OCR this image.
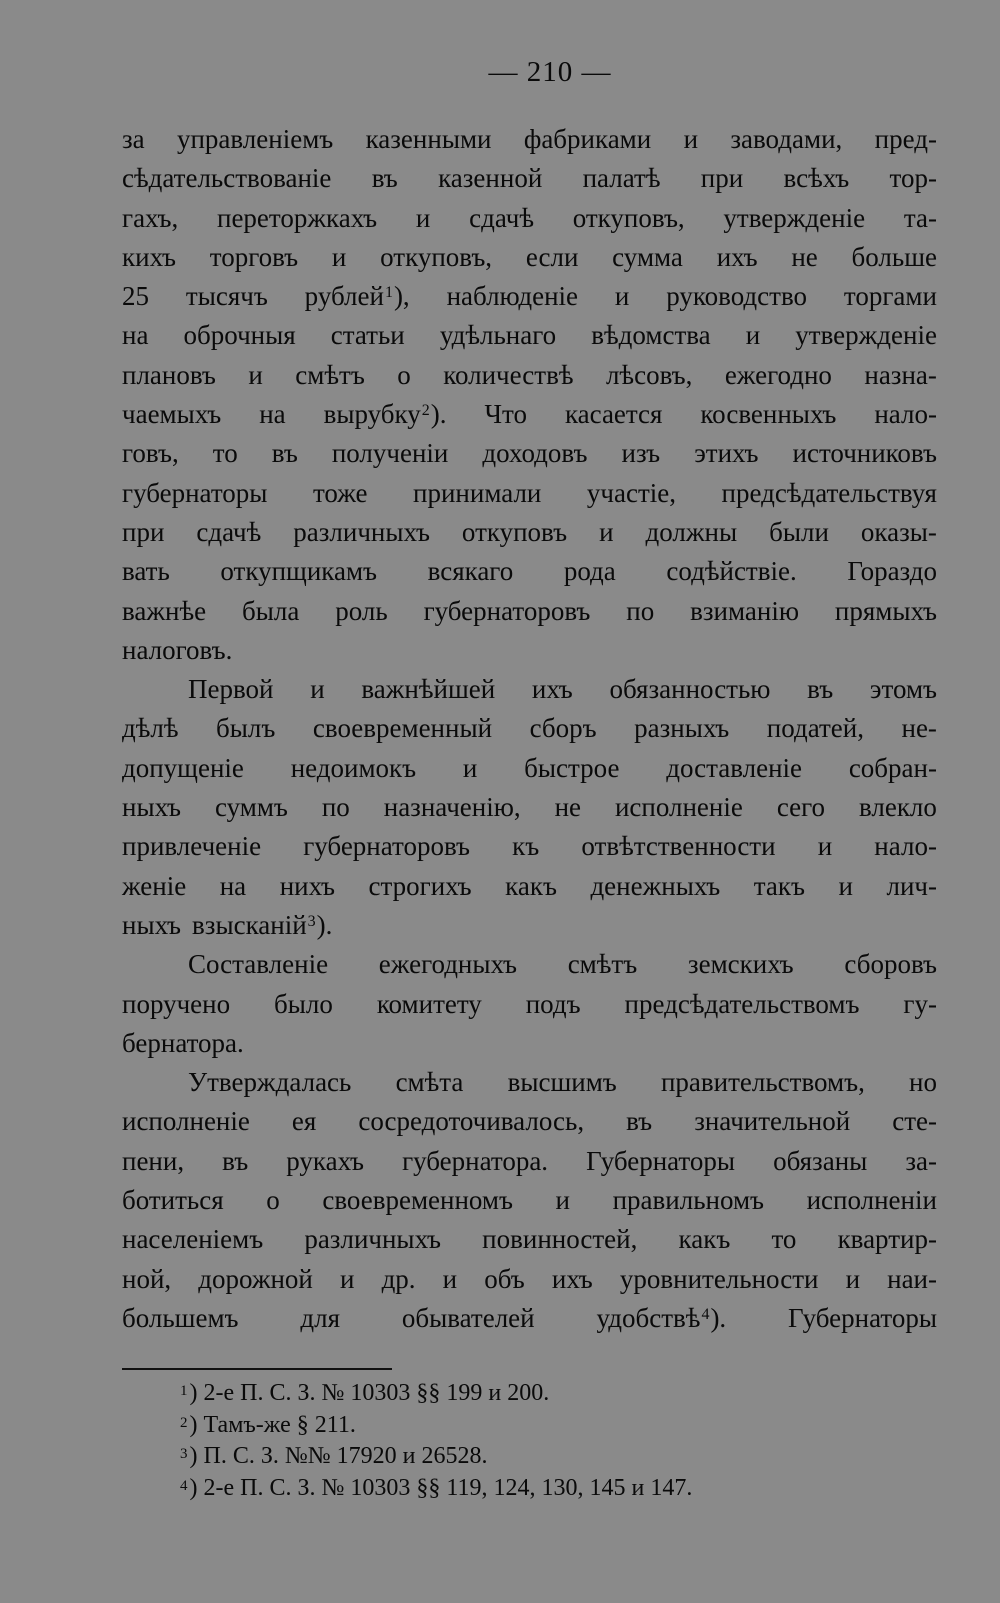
— 210 —
за управленіемъ казенными фабриками и заводами, пред-
сѣдательствованіе въ казенной палатѣ при всѣхъ тор-
гахъ, переторжкахъ и сдачѣ откуповъ, утвержденіе та-
кихъ торговъ и откуповъ, если сумма ихъ не больше
25 тысячъ рублей$^1$), наблюденіе и руководство торгами
на оброчныя статьи удѣльнаго вѣдомства и утвержденіе
плановъ и смѣтъ о количествѣ лѣсовъ, ежегодно назна-
чаемыхъ на вырубку$^2$). Что касается косвенныхъ нало-
говъ, то въ полученіи доходовъ изъ этихъ источниковъ
губернаторы тоже принимали участіе, предсѣдательствуя
при сдачѣ различныхъ откуповъ и должны были оказы-
вать откупщикамъ всякаго рода содѣйствіе. Гораздо
важнѣе была роль губернаторовъ по взиманію прямыхъ
налоговъ.
Первой и важнѣйшей ихъ обязанностью въ этомъ
дѣлѣ былъ своевременный сборъ разныхъ податей, не-
допущеніе недоимокъ и быстрое доставленіе собран-
ныхъ суммъ по назначенію, не исполненіе сего влекло
привлеченіе губернаторовъ къ отвѣтственности и нало-
женіе на нихъ строгихъ какъ денежныхъ такъ и лич-
ныхъ взысканій$^3$).
Составленіе ежегодныхъ смѣтъ земскихъ сборовъ
поручено было комитету подъ предсѣдательствомъ гу-
бернатора.
Утверждалась смѣта высшимъ правительствомъ, но
исполненіе ея сосредоточивалось, въ значительной сте-
пени, въ рукахъ губернатора. Губернаторы обязаны за-
ботиться о своевременномъ и правильномъ исполненіи
населеніемъ различныхъ повинностей, какъ то квартир-
ной, дорожной и др. и объ ихъ уровнительности и наи-
большемъ для обывателей удобствѣ$^4$). Губернаторы
$^1$) 2-е П. С. З. № 10303 §§ 199 и 200.
$^2$) Тамъ-же § 211.
$^3$) П. С. З. №№ 17920 и 26528.
$^4$) 2-е П. С. З. № 10303 §§ 119, 124, 130, 145 и 147.
